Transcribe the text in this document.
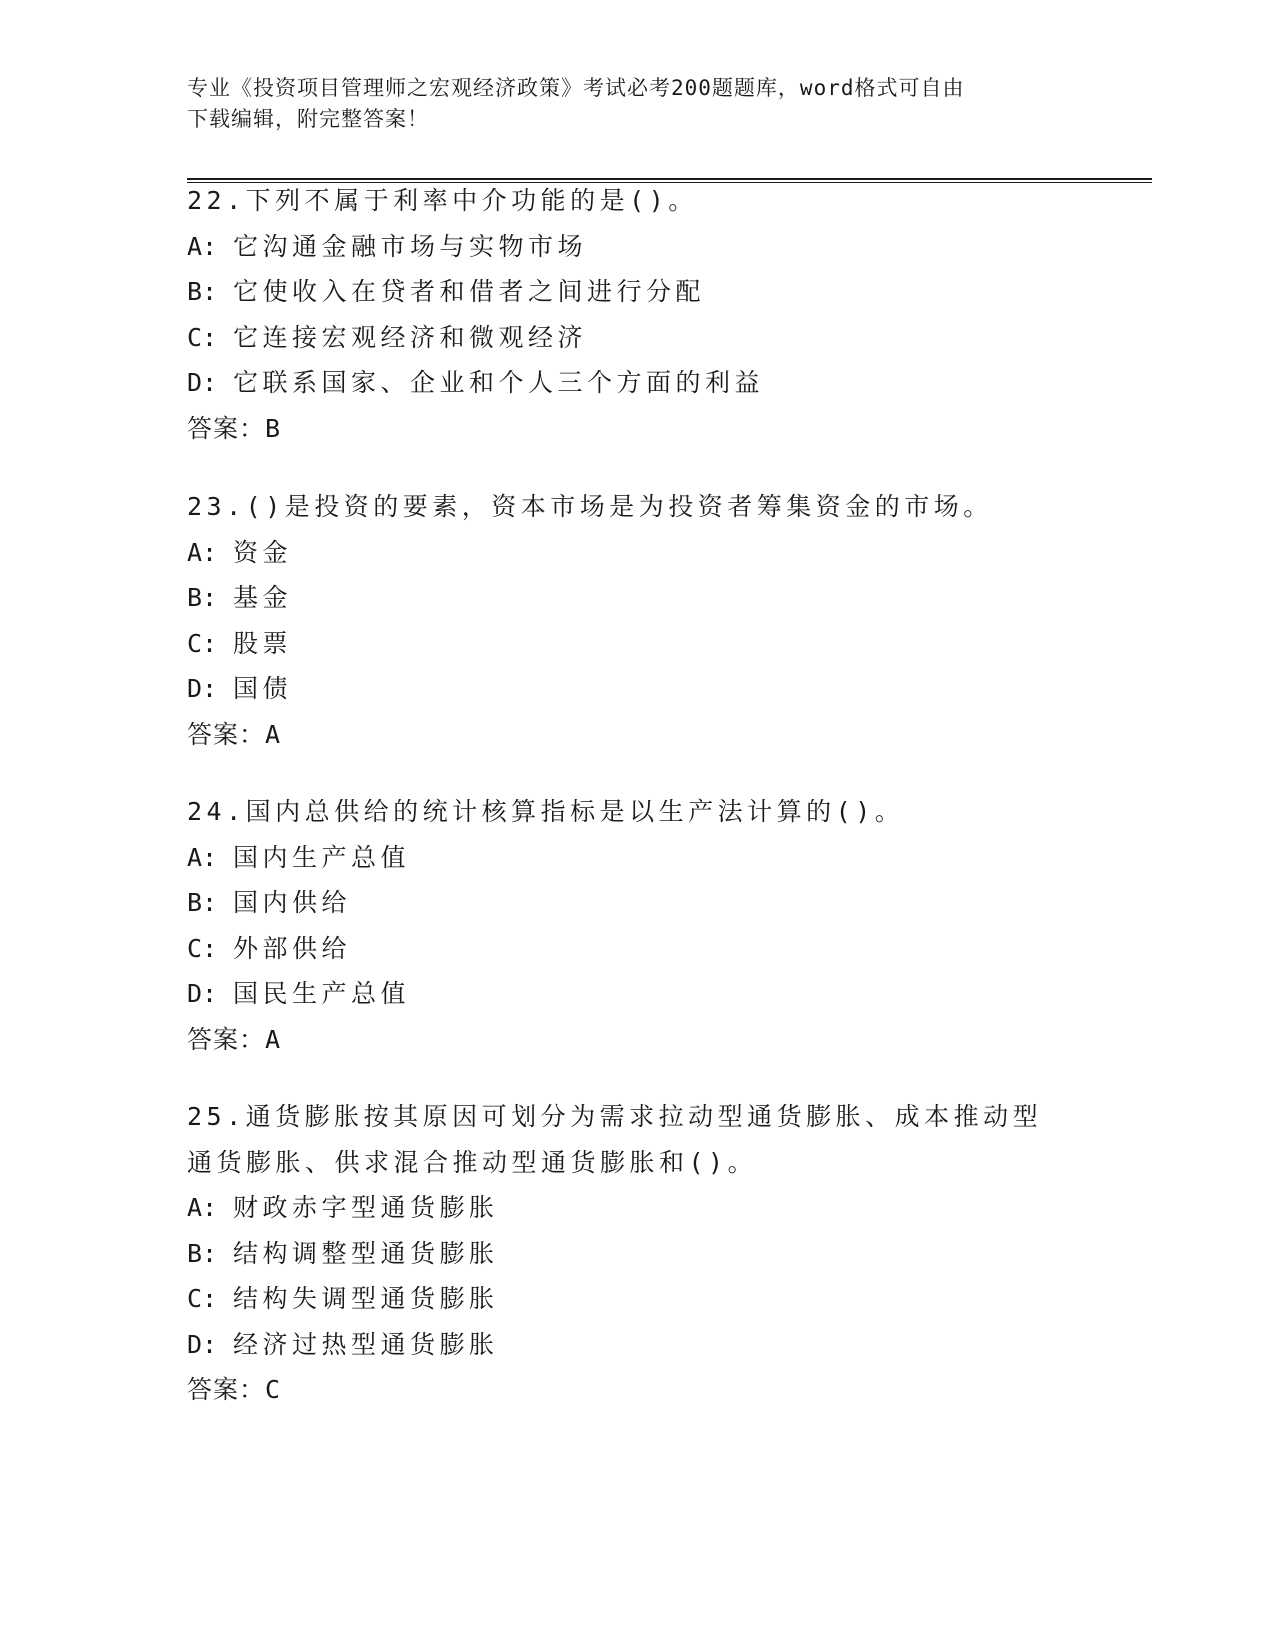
专业《投资项目管理师之宏观经济政策》考试必考200题题库，word格式可自由
下载编辑，附完整答案！
22.下列不属于利率中介功能的是()。
A: 它沟通金融市场与实物市场
B: 它使收入在贷者和借者之间进行分配
C: 它连接宏观经济和微观经济
D: 它联系国家、企业和个人三个方面的利益
答案：B
23.()是投资的要素，资本市场是为投资者筹集资金的市场。
A: 资金
B: 基金
C: 股票
D: 国债
答案：A
24.国内总供给的统计核算指标是以生产法计算的()。
A: 国内生产总值
B: 国内供给
C: 外部供给
D: 国民生产总值
答案：A
25.通货膨胀按其原因可划分为需求拉动型通货膨胀、成本推动型通货膨胀、供求混合推动型通货膨胀和()。
A: 财政赤字型通货膨胀
B: 结构调整型通货膨胀
C: 结构失调型通货膨胀
D: 经济过热型通货膨胀
答案：C
